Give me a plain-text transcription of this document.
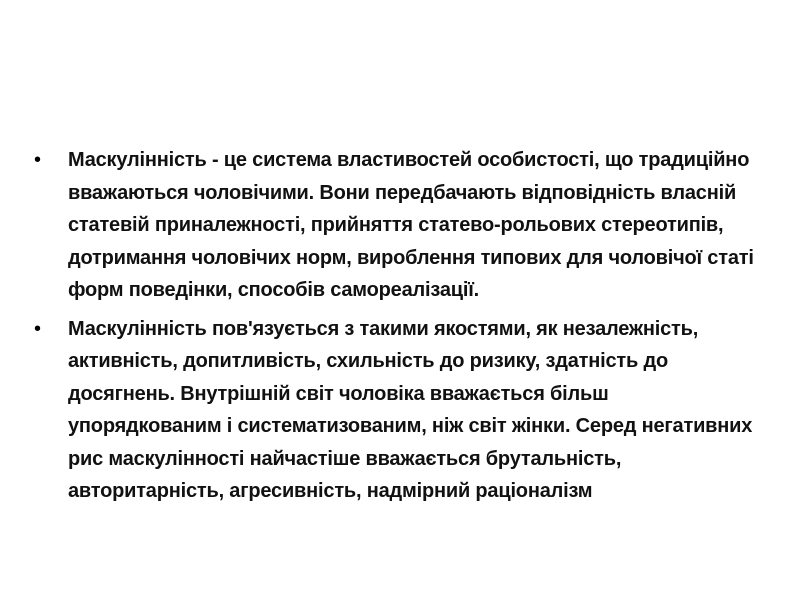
•	Маскулінність - це система властивостей особистості, що традиційно вважаються чоловічими. Вони передбачають відповідність власній статевій приналежності, прийняття статево-рольових стереотипів, дотримання чоловічих норм, вироблення типових для чоловічої статі форм поведінки, способів самореалізації.
•	Маскулінність пов'язується з такими якостями, як незалежність, активність, допитливість, схильність до ризику, здатність до досягнень. Внутрішній світ чоловіка вважається більш упорядкованим і систематизованим, ніж світ жінки. Серед негативних рис маскулінності найчастіше вважається брутальність, авторитарність, агресивність, надмірний раціоналізм
